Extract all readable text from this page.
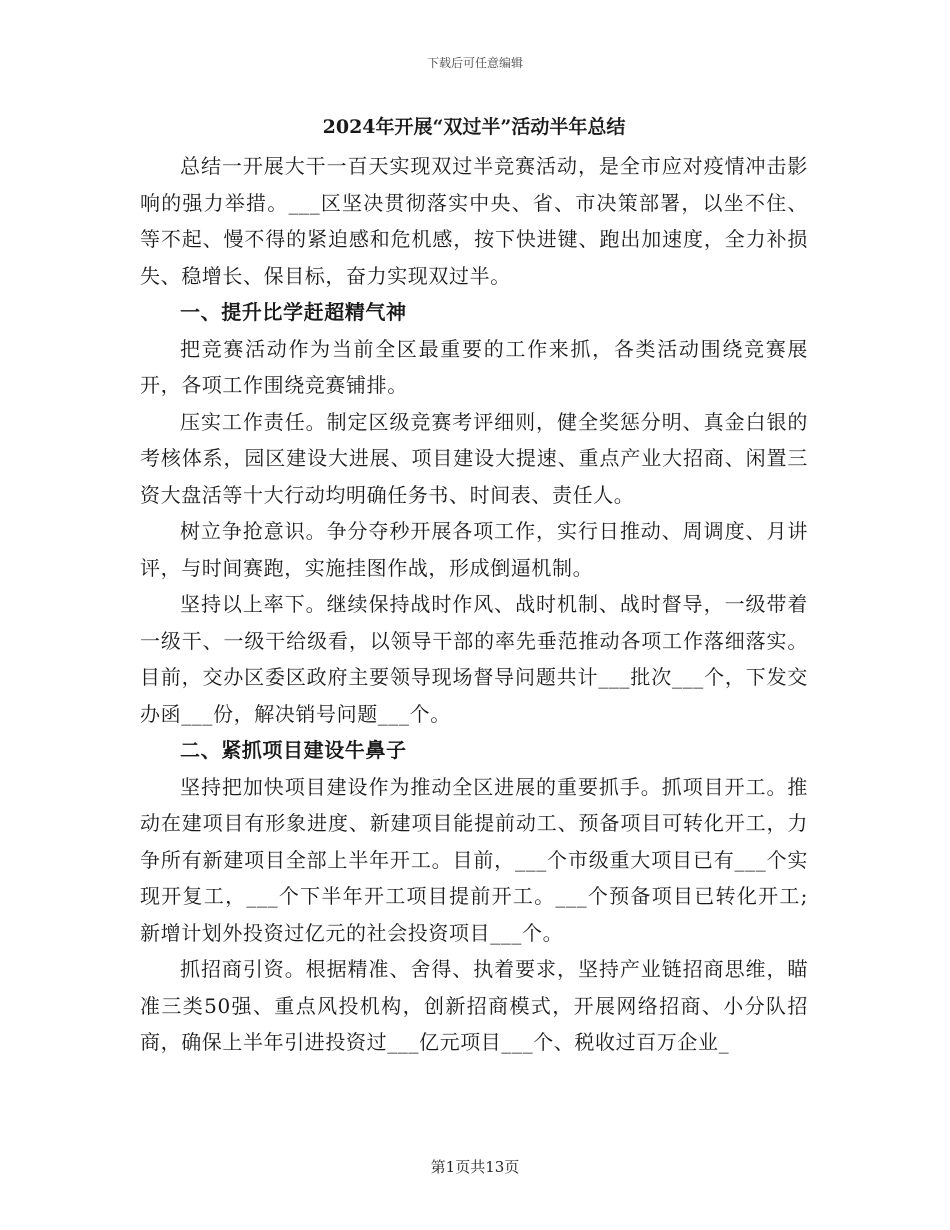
下载后可任意编辑
2024年开展“双过半”活动半年总结

总结一开展大干一百天实现双过半竞赛活动，是全市应对疫情冲击影响的强力举措。___区坚决贯彻落实中央、省、市决策部署，以坐不住、等不起、慢不得的紧迫感和危机感，按下快进键、跑出加速度，全力补损失、稳增长、保目标，奋力实现双过半。

一、提升比学赶超精气神

把竞赛活动作为当前全区最重要的工作来抓，各类活动围绕竞赛展开，各项工作围绕竞赛铺排。

压实工作责任。制定区级竞赛考评细则，健全奖惩分明、真金白银的考核体系，园区建设大进展、项目建设大提速、重点产业大招商、闲置三资大盘活等十大行动均明确任务书、时间表、责任人。

树立争抢意识。争分夺秒开展各项工作，实行日推动、周调度、月讲评，与时间赛跑，实施挂图作战，形成倒逼机制。

坚持以上率下。继续保持战时作风、战时机制、战时督导，一级带着一级干、一级干给级看，以领导干部的率先垂范推动各项工作落细落实。目前，交办区委区政府主要领导现场督导问题共计___批次___个，下发交办函___份，解决销号问题___个。

二、紧抓项目建设牛鼻子

坚持把加快项目建设作为推动全区进展的重要抓手。抓项目开工。推动在建项目有形象进度、新建项目能提前动工、预备项目可转化开工，力争所有新建项目全部上半年开工。目前，___个市级重大项目已有___个实现开复工，___个下半年开工项目提前开工。___个预备项目已转化开工;新增计划外投资过亿元的社会投资项目___个。

抓招商引资。根据精准、舍得、执着要求，坚持产业链招商思维，瞄准三类50强、重点风投机构，创新招商模式，开展网络招商、小分队招商，确保上半年引进投资过___亿元项目___个、税收过百万企业_

第1页共13页
